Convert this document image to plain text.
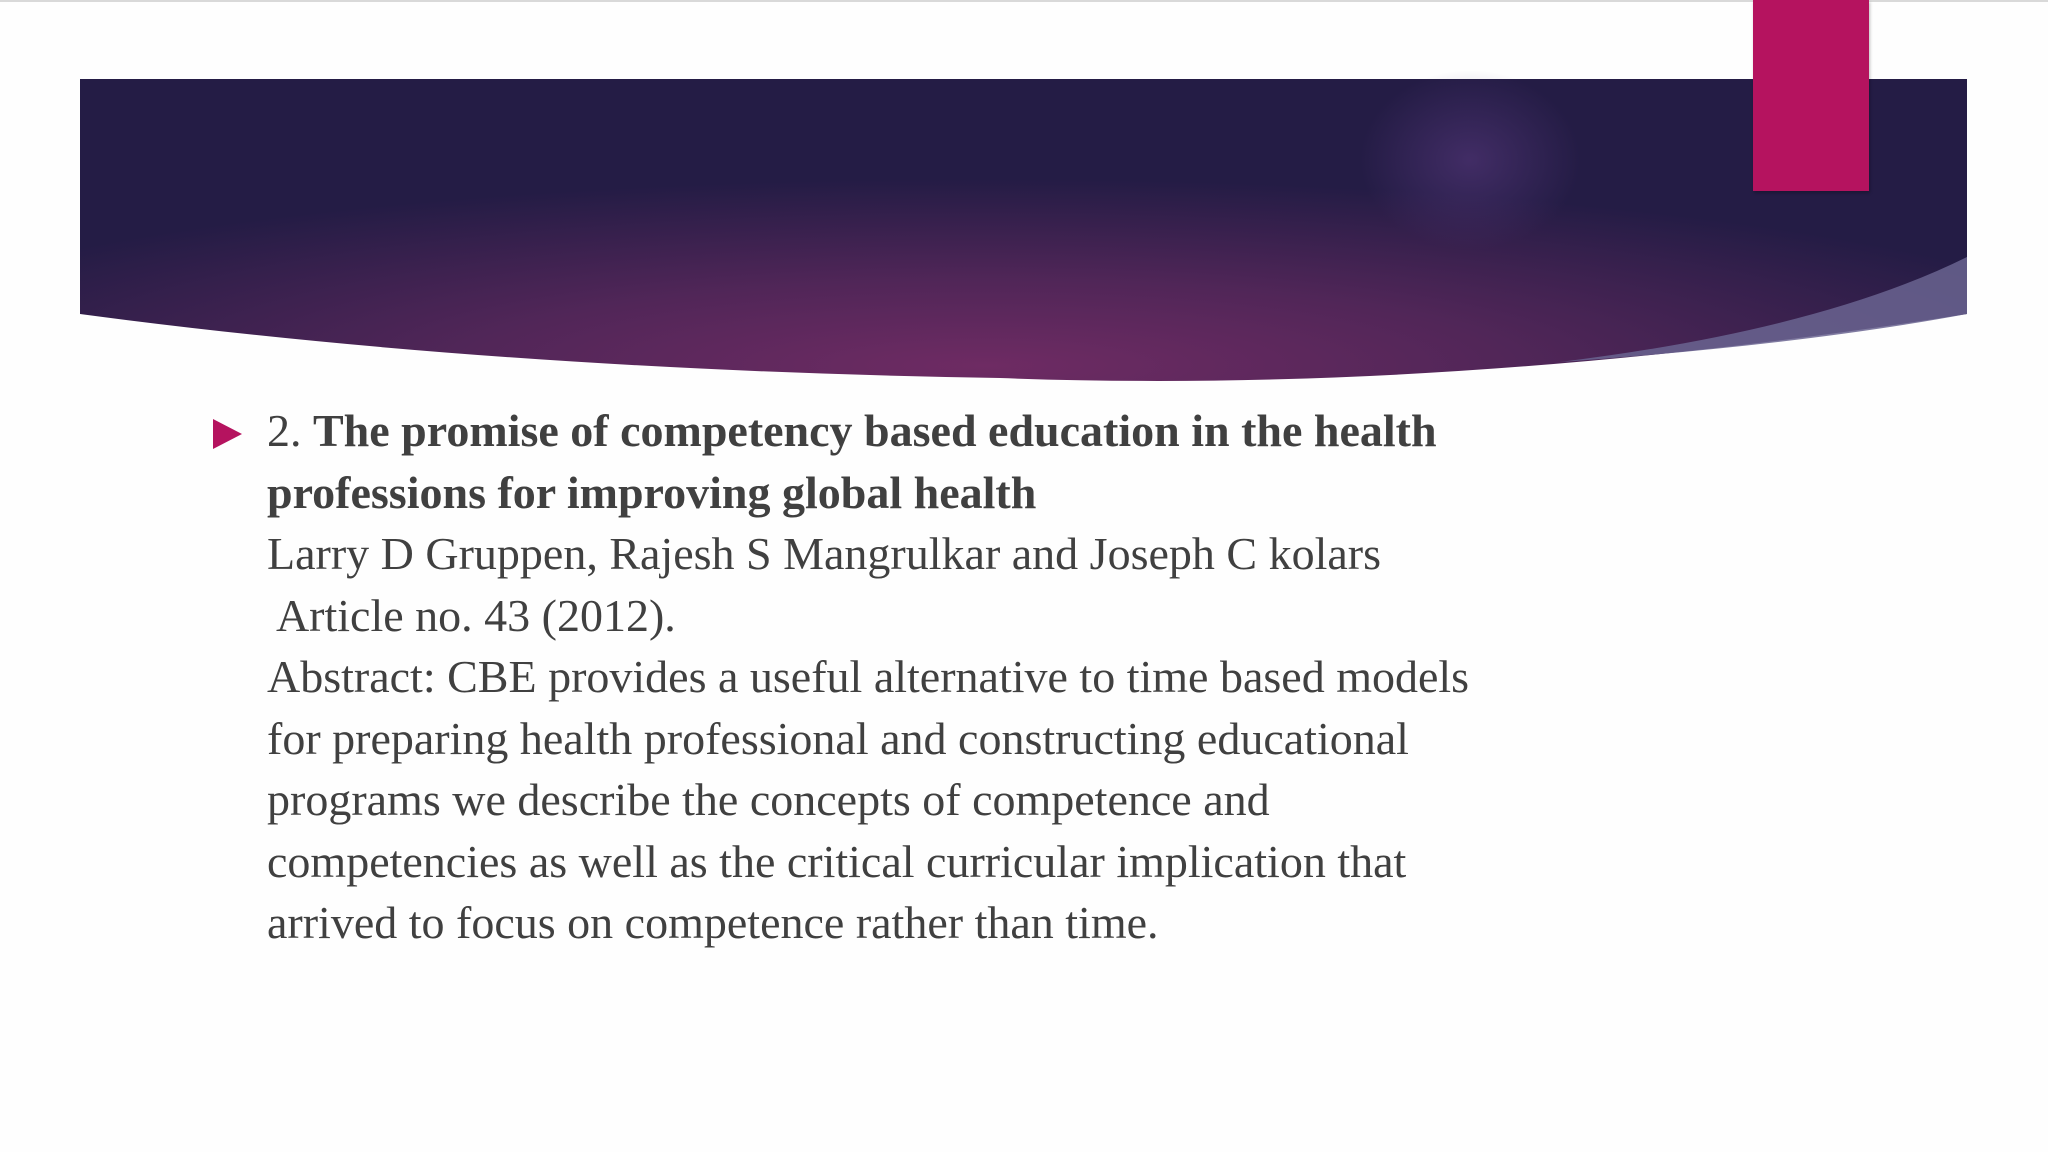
2. The promise of competency based education in the health
professions for improving global health
Larry D Gruppen, Rajesh S Mangrulkar and Joseph C kolars
Article no. 43 (2012).
Abstract: CBE provides a useful alternative to time based models
for preparing health professional and constructing educational
programs we describe the concepts of competence and
competencies as well as the critical curricular implication that
arrived to focus on competence rather than time.
